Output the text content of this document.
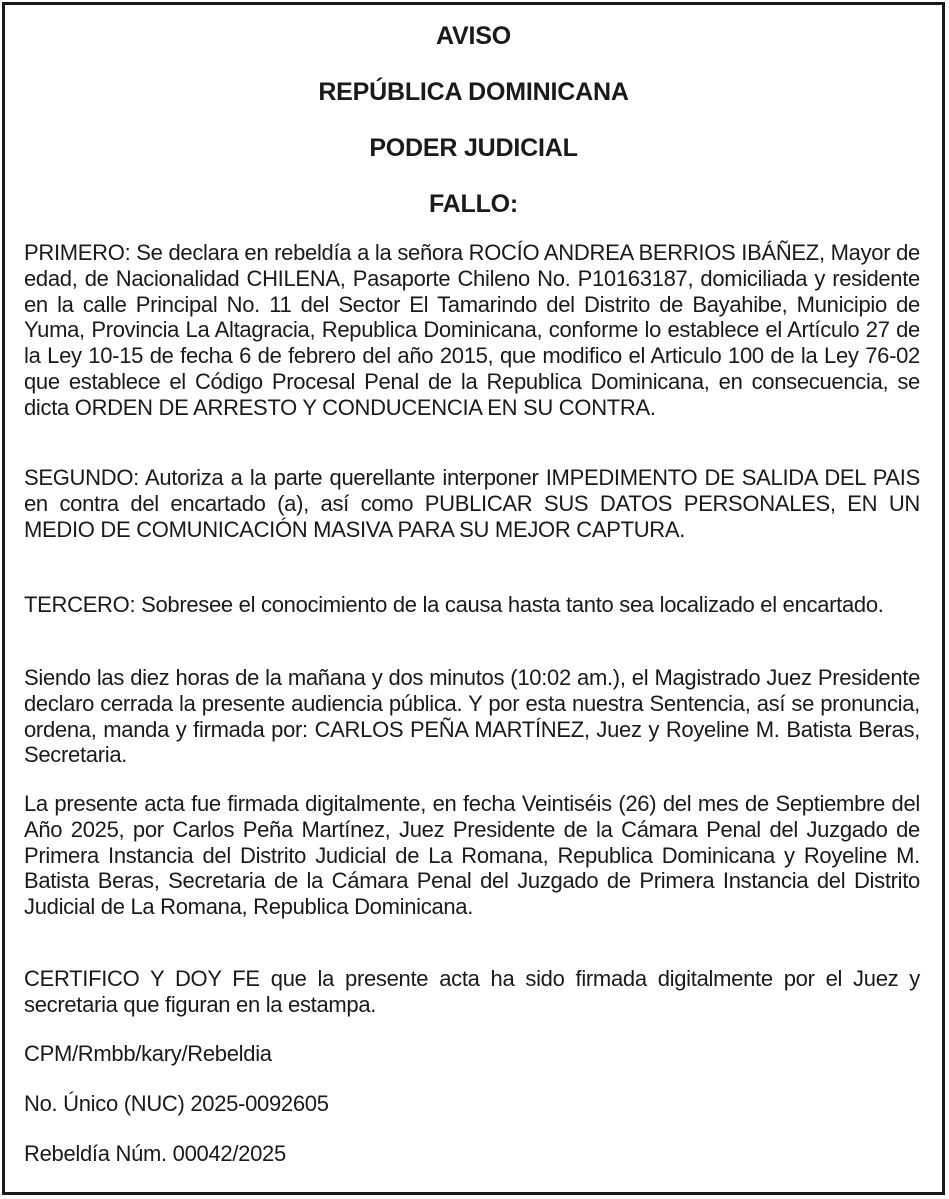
AVISO
REPÚBLICA DOMINICANA
PODER JUDICIAL
FALLO:

PRIMERO: Se declara en rebeldía a la señora ROCÍO ANDREA BERRIOS IBÁÑEZ, Mayor de edad, de Nacionalidad CHILENA, Pasaporte Chileno No. P10163187, domiciliada y residente en la calle Principal No. 11 del Sector El Tamarindo del Distrito de Bayahibe, Municipio de Yuma, Provincia La Altagracia, Republica Dominicana, conforme lo establece el Artículo 27 de la Ley 10-15 de fecha 6 de febrero del año 2015, que modifico el Articulo 100 de la Ley 76-02 que establece el Código Procesal Penal de la Republica Dominicana, en consecuencia, se dicta ORDEN DE ARRESTO Y CONDUCENCIA EN SU CONTRA.

SEGUNDO: Autoriza a la parte querellante interponer IMPEDIMENTO DE SALIDA DEL PAIS en contra del encartado (a), así como PUBLICAR SUS DATOS PERSONALES, EN UN MEDIO DE COMUNICACIÓN MASIVA PARA SU MEJOR CAPTURA.

TERCERO: Sobresee el conocimiento de la causa hasta tanto sea localizado el encartado.

Siendo las diez horas de la mañana y dos minutos (10:02 am.), el Magistrado Juez Presidente declaro cerrada la presente audiencia pública. Y por esta nuestra Sentencia, así se pronuncia, ordena, manda y firmada por: CARLOS PEÑA MARTÍNEZ, Juez y Royeline M. Batista Beras, Secretaria.

La presente acta fue firmada digitalmente, en fecha Veintiséis (26) del mes de Septiembre del Año 2025, por Carlos Peña Martínez, Juez Presidente de la Cámara Penal del Juzgado de Primera Instancia del Distrito Judicial de La Romana, Republica Dominicana y Royeline M. Batista Beras, Secretaria de la Cámara Penal del Juzgado de Primera Instancia del Distrito Judicial de La Romana, Republica Dominicana.

CERTIFICO Y DOY FE que la presente acta ha sido firmada digitalmente por el Juez y secretaria que figuran en la estampa.

CPM/Rmbb/kary/Rebeldia

No. Único (NUC) 2025-0092605

Rebeldía Núm. 00042/2025
